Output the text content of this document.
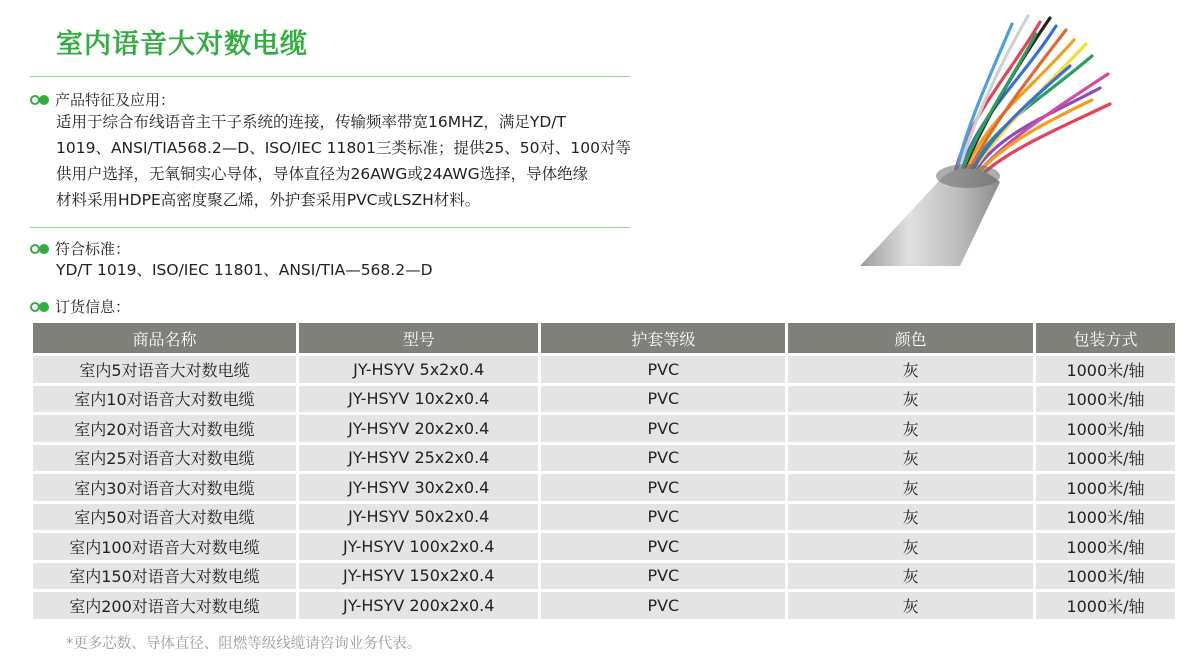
室内语音大对数电缆
产品特征及应用：
适用于综合布线语音主干子系统的连接，传输频率带宽16MHZ，满足YD/T
1019、ANSI/TIA568.2—D、ISO/IEC 11801三类标准；提供25、50对、100对等
供用户选择，无氧铜实心导体，导体直径为26AWG或24AWG选择，导体绝缘
材料采用HDPE高密度聚乙烯，外护套采用PVC或LSZH材料。
符合标准：
YD/T 1019、ISO/IEC 11801、ANSI/TIA—568.2—D
订货信息：
商品名称	型号	护套等级	颜色	包装方式
室内5对语音大对数电缆	JY-HSYV 5x2x0.4	PVC	灰	1000米/轴
室内10对语音大对数电缆	JY-HSYV 10x2x0.4	PVC	灰	1000米/轴
室内20对语音大对数电缆	JY-HSYV 20x2x0.4	PVC	灰	1000米/轴
室内25对语音大对数电缆	JY-HSYV 25x2x0.4	PVC	灰	1000米/轴
室内30对语音大对数电缆	JY-HSYV 30x2x0.4	PVC	灰	1000米/轴
室内50对语音大对数电缆	JY-HSYV 50x2x0.4	PVC	灰	1000米/轴
室内100对语音大对数电缆	JY-HSYV 100x2x0.4	PVC	灰	1000米/轴
室内150对语音大对数电缆	JY-HSYV 150x2x0.4	PVC	灰	1000米/轴
室内200对语音大对数电缆	JY-HSYV 200x2x0.4	PVC	灰	1000米/轴
*更多芯数、导体直径、阻燃等级线缆请咨询业务代表。
